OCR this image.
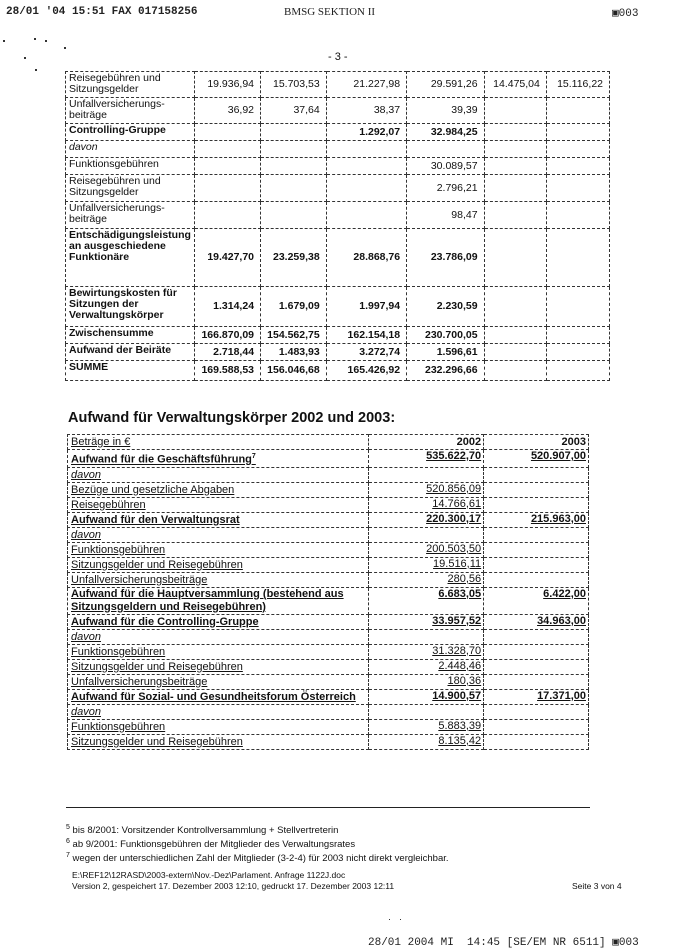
28/01 '04 15:51 FAX 017158256	BMSG SEKTION II	▣003
- 3 -
Reisegebühren und Sitzungsgelder	19.936,94	15.703,53	21.227,98	29.591,26	14.475,04	15.116,22
Unfallversicherungs-beiträge	36,92	37,64	38,37	39,39		
Controlling-Gruppe			1.292,07	32.984,25		
davon						
Funktionsgebühren				30.089,57		
Reisegebühren und Sitzungsgelder				2.796,21		
Unfallversicherungs-beiträge				98,47		
Entschädigungsleistung an ausgeschiedene Funktionäre	19.427,70	23.259,38	28.868,76	23.786,09		
Bewirtungskosten für Sitzungen der Verwaltungskörper	1.314,24	1.679,09	1.997,94	2.230,59		
Zwischensumme	166.870,09	154.562,75	162.154,18	230.700,05		
Aufwand der Beiräte	2.718,44	1.483,93	3.272,74	1.596,61		
SUMME	169.588,53	156.046,68	165.426,92	232.296,66		
Aufwand für Verwaltungskörper 2002 und 2003:
Beträge in €	2002	2003
Aufwand für die Geschäftsführung$^7$	535.622,70	520.907,00
davon		
Bezüge und gesetzliche Abgaben	520.856,09	
Reisegebühren	14.766,61	
Aufwand für den Verwaltungsrat	220.300,17	215.963,00
davon		
Funktionsgebühren	200.503,50	
Sitzungsgelder und Reisegebühren	19.516,11	
Unfallversicherungsbeiträge	280,56	
Aufwand für die Hauptversammlung (bestehend aus Sitzungsgeldern und Reisegebühren)	6.683,05	6.422,00
Aufwand für die Controlling-Gruppe	33.957,52	34.963,00
davon		
Funktionsgebühren	31.328,70	
Sitzungsgelder und Reisegebühren	2.448,46	
Unfallversicherungsbeiträge	180,36	
Aufwand für Sozial- und Gesundheitsforum Österreich	14.900,57	17.371,00
davon		
Funktionsgebühren	5.883,39	
Sitzungsgelder und Reisegebühren	8.135,42	
$^5$ bis 8/2001: Vorsitzender Kontrollversammlung + Stellvertreterin
$^6$ ab 9/2001: Funktionsgebühren der Mitglieder des Verwaltungsrates
$^7$ wegen der unterschiedlichen Zahl der Mitglieder (3-2-4) für 2003 nicht direkt vergleichbar.
E:\REF12\12RASD\2003-extern\Nov.-Dez\Parlament. Anfrage 1122J.doc
Version 2, gespeichert 17. Dezember 2003 12:10, gedruckt 17. Dezember 2003 12:11	Seite 3 von 4
28/01 2004 MI  14:45 [SE/EM NR 6511] ▣003
